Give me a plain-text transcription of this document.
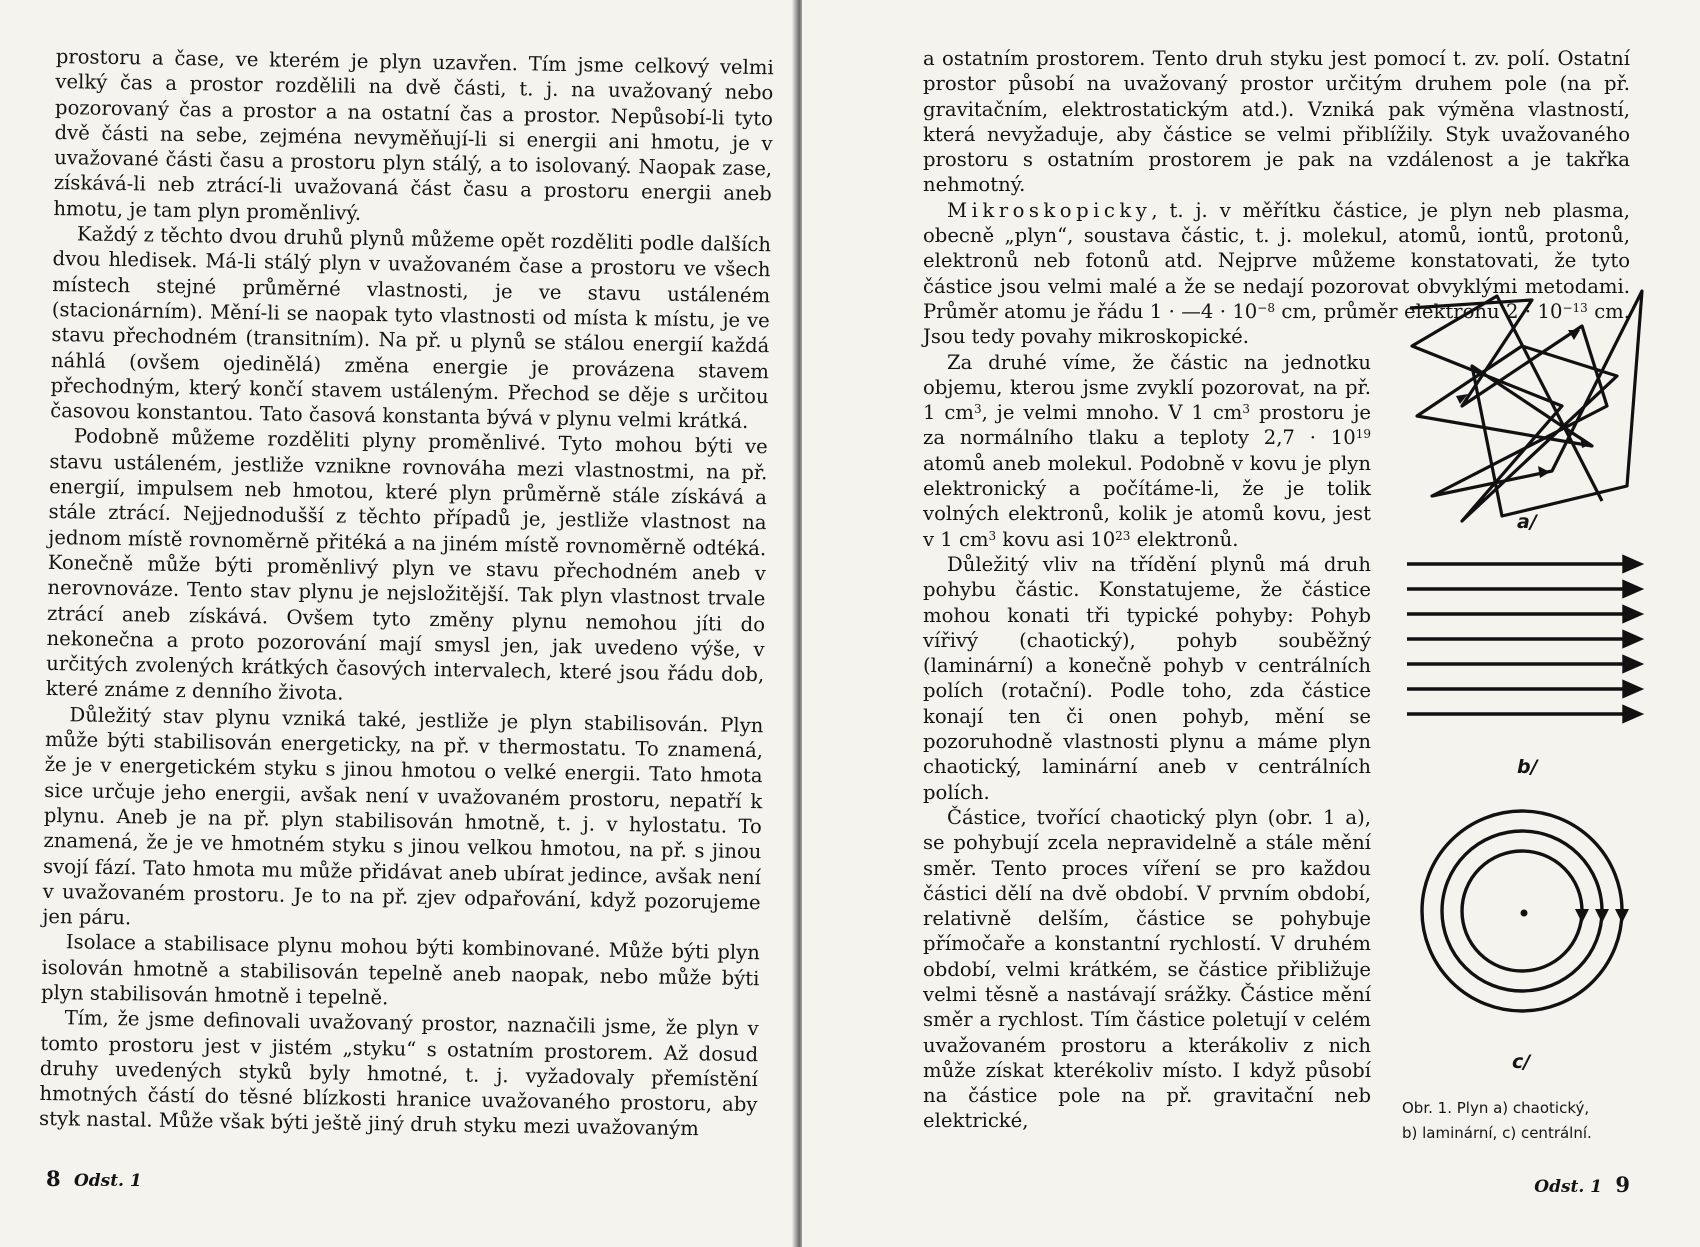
prostoru a čase, ve kterém je plyn uzavřen. Tím jsme celkový velmi velký čas a prostor rozdělili na dvě části, t. j. na uvažovaný nebo pozorovaný čas a prostor a na ostatní čas a prostor. Nepůsobí-li tyto dvě části na sebe, zejména nevyměňují-li si energii ani hmotu, je v uvažované části času a prostoru plyn stálý, a to isolovaný. Naopak zase, získává-li neb ztrácí-li uvažovaná část času a prostoru energii aneb hmotu, je tam plyn proměnlivý.

Každý z těchto dvou druhů plynů můžeme opět rozděliti podle dalších dvou hledisek. Má-li stálý plyn v uvažovaném čase a prostoru ve všech místech stejné průměrné vlastnosti, je ve stavu ustáleném (stacionárním). Mění-li se naopak tyto vlastnosti od místa k místu, je ve stavu přechodném (transitním). Na př. u plynů se stálou energií každá náhlá (ovšem ojedinělá) změna energie je provázena stavem přechodným, který končí stavem ustáleným. Přechod se děje s určitou časovou konstantou. Tato časová konstanta bývá v plynu velmi krátká.

Podobně můžeme rozděliti plyny proměnlivé. Tyto mohou býti ve stavu ustáleném, jestliže vznikne rovnováha mezi vlastnostmi, na př. energií, impulsem neb hmotou, které plyn průměrně stále získává a stále ztrácí. Nejjednodušší z těchto případů je, jestliže vlastnost na jednom místě rovnoměrně přitéká a na jiném místě rovnoměrně odtéká. Konečně může býti proměnlivý plyn ve stavu přechodném aneb v nerovnováze. Tento stav plynu je nejsložitější. Tak plyn vlastnost trvale ztrácí aneb získává. Ovšem tyto změny plynu nemohou jíti do nekonečna a proto pozorování mají smysl jen, jak uvedeno výše, v určitých zvolených krátkých časových intervalech, které jsou řádu dob, které známe z denního života.

Důležitý stav plynu vzniká také, jestliže je plyn stabilisován. Plyn může býti stabilisován energeticky, na př. v thermostatu. To znamená, že je v energetickém styku s jinou hmotou o velké energii. Tato hmota sice určuje jeho energii, avšak není v uvažovaném prostoru, nepatří k plynu. Aneb je na př. plyn stabilisován hmotně, t. j. v hylostatu. To znamená, že je ve hmotném styku s jinou velkou hmotou, na př. s jinou svojí fází. Tato hmota mu může přidávat aneb ubírat jedince, avšak není v uvažovaném prostoru. Je to na př. zjev odpařování, když pozorujeme jen páru.

Isolace a stabilisace plynu mohou býti kombinované. Může býti plyn isolován hmotně a stabilisován tepelně aneb naopak, nebo může býti plyn stabilisován hmotně i tepelně.

Tím, že jsme definovali uvažovaný prostor, naznačili jsme, že plyn v tomto prostoru jest v jistém „styku“ s ostatním prostorem. Až dosud druhy uvedených styků byly hmotné, t. j. vyžadovaly přemístění hmotných částí do těsné blízkosti hranice uvažovaného prostoru, aby styk nastal. Může však býti ještě jiný druh styku mezi uvažovaným

8 Odst. 1

a ostatním prostorem. Tento druh styku jest pomocí t. zv. polí. Ostatní prostor působí na uvažovaný prostor určitým druhem pole (na př. gravitačním, elektrostatickým atd.). Vzniká pak výměna vlastností, která nevyžaduje, aby částice se velmi přiblížily. Styk uvažovaného prostoru s ostatním prostorem je pak na vzdálenost a je takřka nehmotný.

Mikroskopicky, t. j. v měřítku částice, je plyn neb plasma, obecně „plyn“, soustava částic, t. j. molekul, atomů, iontů, protonů, elektronů neb fotonů atd. Nejprve můžeme konstatovati, že tyto částice jsou velmi malé a že se nedají pozorovat obvyklými metodami. Průměr atomu je řádu 1 · —4 · $10^{-8}$ cm, průměr elektronu $2 \cdot 10^{-13}$ cm. Jsou tedy povahy mikroskopické.

Za druhé víme, že částic na jednotku objemu, kterou jsme zvyklí pozorovat, na př. 1 $cm^3$, je velmi mnoho. V 1 $cm^3$ prostoru je za normálního tlaku a teploty $2,7 \cdot 10^{19}$ atomů aneb molekul. Podobně v kovu je plyn elektronický a počítáme-li, že je tolik volných elektronů, kolik je atomů kovu, jest v 1 $cm^3$ kovu asi $10^{23}$ elektronů.

Důležitý vliv na třídění plynů má druh pohybu částic. Konstatujeme, že částice mohou konati tři typické pohyby: Pohyb vířivý (chaotický), pohyb souběžný (laminární) a konečně pohyb v centrálních polích (rotační). Podle toho, zda částice konají ten či onen pohyb, mění se pozoruhodně vlastnosti plynu a máme plyn chaotický, laminární aneb v centrálních polích.

Částice, tvořící chaotický plyn (obr. 1 a), se pohybují zcela nepravidelně a stále mění směr. Tento proces víření se pro každou částici dělí na dvě období. V prvním období, relativně delším, částice se pohybuje přímočaře a konstantní rychlostí. V druhém období, velmi krátkém, se částice přibližuje velmi těsně a nastávají srážky. Částice mění směr a rychlost. Tím částice poletují v celém uvažovaném prostoru a kterákoliv z nich může získat kterékoliv místo. I když působí na částice pole na př. gravitační neb elektrické,

a/
b/
c/
Obr. 1. Plyn a) chaotický,
b) laminární, c) centrální.
Odst. 1 9
